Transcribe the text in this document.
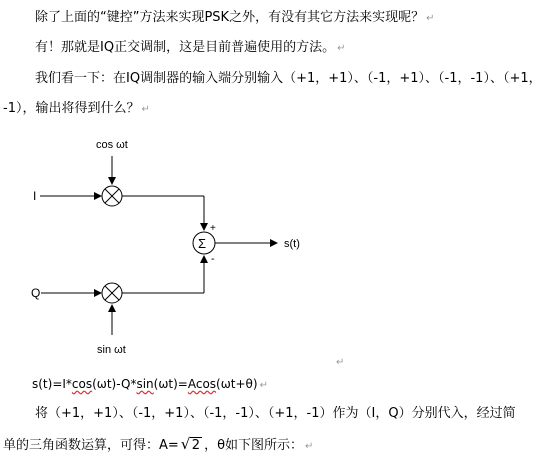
除了上面的“键控”方法来实现PSK之外，有没有其它方法来实现呢？ ↵
有！那就是IQ正交调制，这是目前普遍使用的方法。 ↵
我们看一下：在IQ调制器的输入端分别输入（+1，+1）、（-1，+1）、（-1，-1）、（+1，
-1），输出将得到什么？ ↵
cos ωt
I
Σ
+
-
s(t)
Q
sin ωt
↵
s(t)=I*cos(ωt)-Q*sin(ωt)=Acos(ωt+θ) ↵
将（+1，+1）、（-1，+1）、（-1，-1）、（+1，-1）作为（I，Q）分别代入，经过简
单的三角函数运算，可得：A= √ 2 ，θ如下图所示： ↵
